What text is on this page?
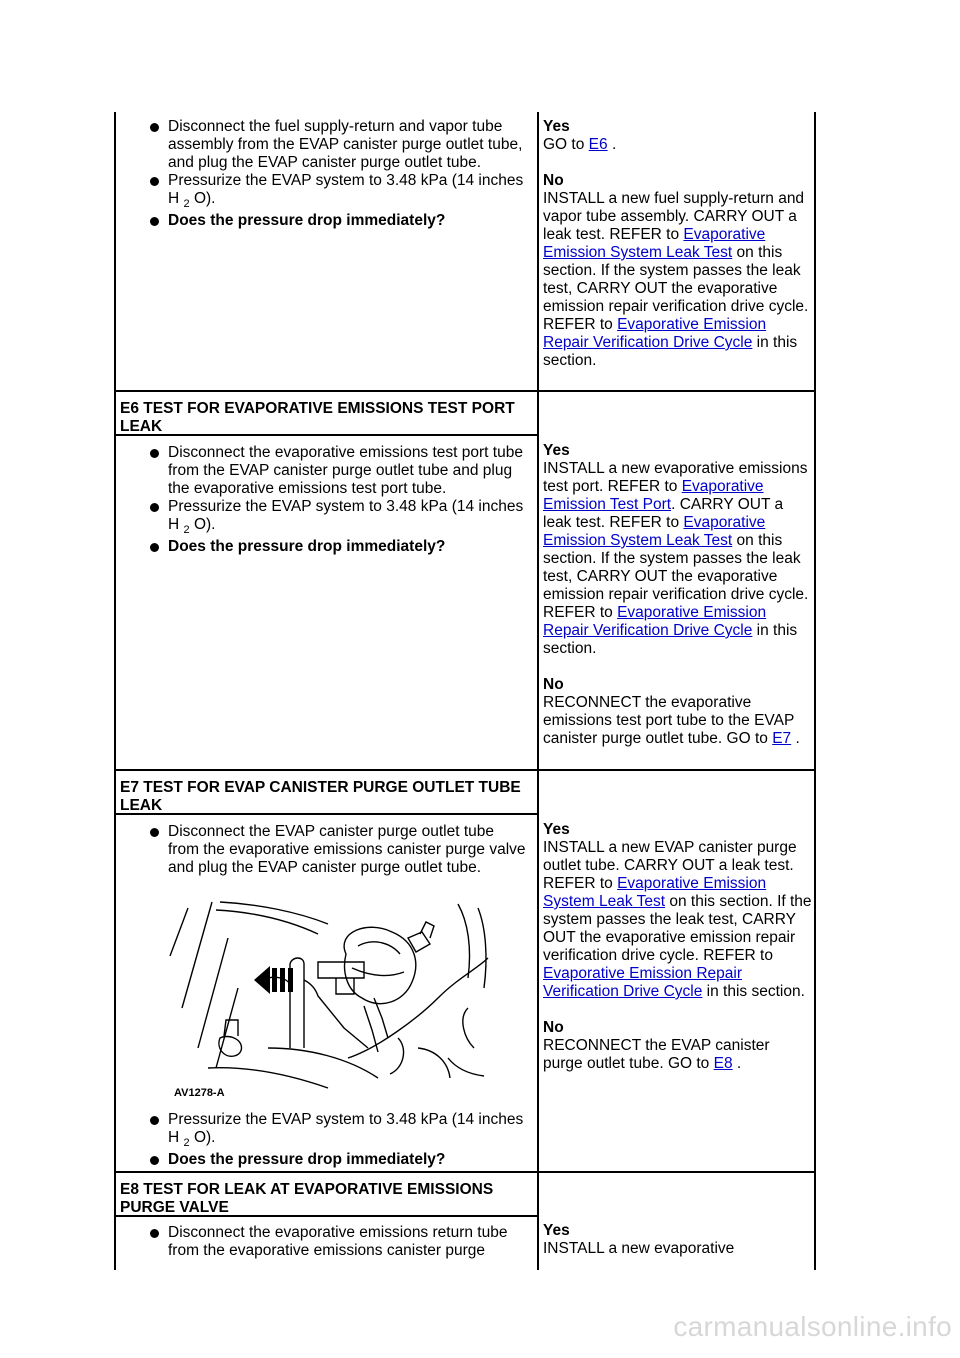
Disconnect the fuel supply-return and vapor tube assembly from the EVAP canister purge outlet tube, and plug the EVAP canister purge outlet tube.
Pressurize the EVAP system to 3.48 kPa (14 inches H $_2$ O).
Does the pressure drop immediately?
Yes
GO to E6 .
No
INSTALL a new fuel supply-return and vapor tube assembly. CARRY OUT a leak test. REFER to Evaporative Emission System Leak Test on this section. If the system passes the leak test, CARRY OUT the evaporative emission repair verification drive cycle. REFER to Evaporative Emission Repair Verification Drive Cycle in this section.
E6 TEST FOR EVAPORATIVE EMISSIONS TEST PORT LEAK
Disconnect the evaporative emissions test port tube from the EVAP canister purge outlet tube and plug the evaporative emissions test port tube.
Pressurize the EVAP system to 3.48 kPa (14 inches H $_2$ O).
Does the pressure drop immediately?
Yes
INSTALL a new evaporative emissions test port. REFER to Evaporative Emission Test Port. CARRY OUT a leak test. REFER to Evaporative Emission System Leak Test on this section. If the system passes the leak test, CARRY OUT the evaporative emission repair verification drive cycle. REFER to Evaporative Emission Repair Verification Drive Cycle in this section.
No
RECONNECT the evaporative emissions test port tube to the EVAP canister purge outlet tube. GO to E7 .
E7 TEST FOR EVAP CANISTER PURGE OUTLET TUBE LEAK
Disconnect the EVAP canister purge outlet tube from the evaporative emissions canister purge valve and plug the EVAP canister purge outlet tube.
AV1278-A
Pressurize the EVAP system to 3.48 kPa (14 inches H $_2$ O).
Does the pressure drop immediately?
Yes
INSTALL a new EVAP canister purge outlet tube. CARRY OUT a leak test. REFER to Evaporative Emission System Leak Test on this section. If the system passes the leak test, CARRY OUT the evaporative emission repair verification drive cycle. REFER to Evaporative Emission Repair Verification Drive Cycle in this section.
No
RECONNECT the EVAP canister purge outlet tube. GO to E8 .
E8 TEST FOR LEAK AT EVAPORATIVE EMISSIONS PURGE VALVE
Disconnect the evaporative emissions return tube from the evaporative emissions canister purge
Yes
INSTALL a new evaporative
carmanualsonline.info
